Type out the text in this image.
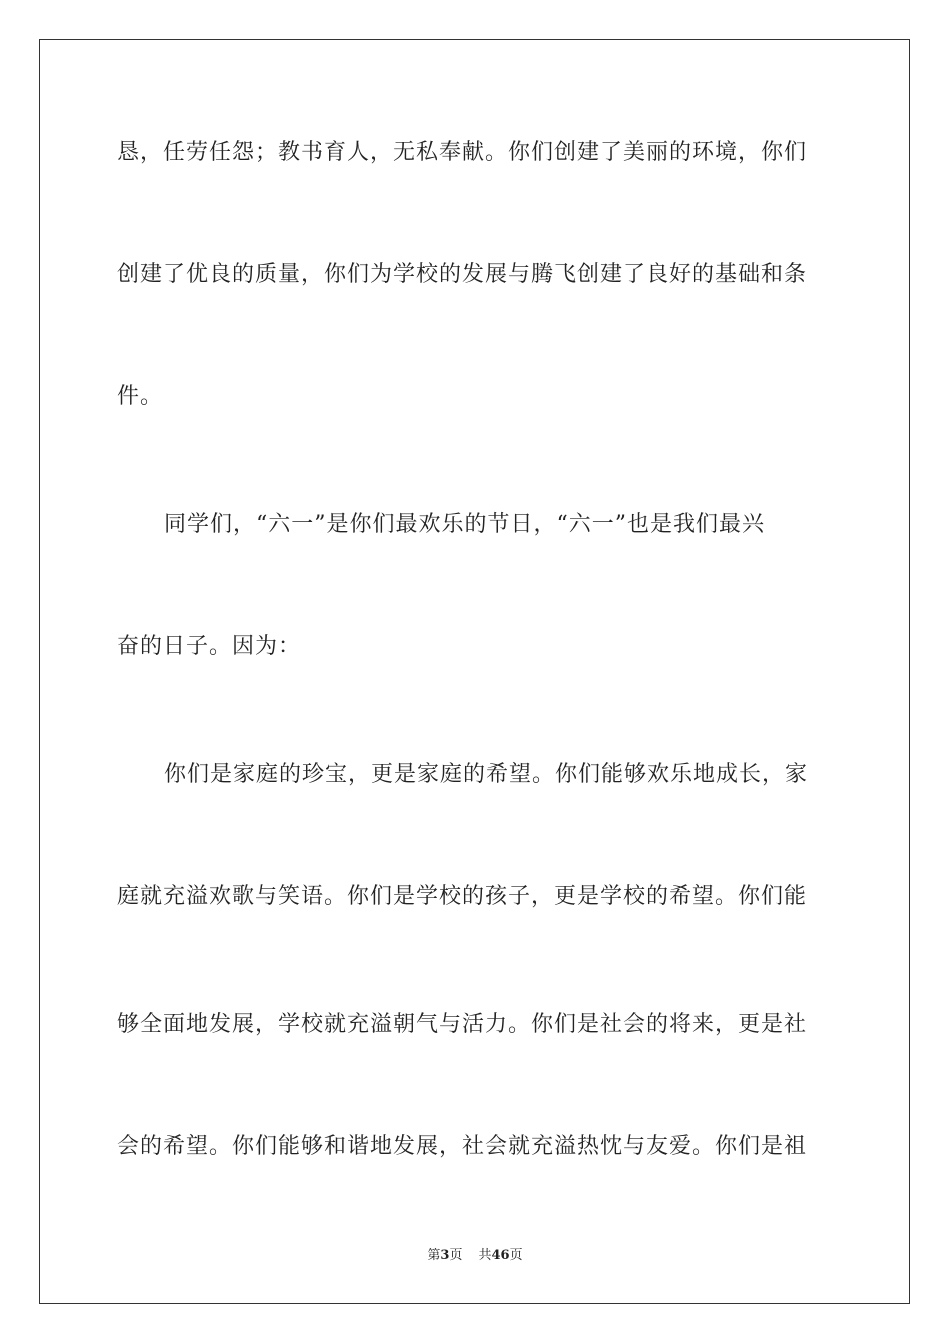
恳，任劳任怨；教书育人，无私奉献。你们创建了美丽的环境，你们
创建了优良的质量，你们为学校的发展与腾飞创建了良好的基础和条
件。
同学们，“六一”是你们最欢乐的节日，“六一”也是我们最兴
奋的日子。因为：
你们是家庭的珍宝，更是家庭的希望。你们能够欢乐地成长，家
庭就充溢欢歌与笑语。你们是学校的孩子，更是学校的希望。你们能
够全面地发展，学校就充溢朝气与活力。你们是社会的将来，更是社
会的希望。你们能够和谐地发展，社会就充溢热忱与友爱。你们是祖
第3页 共46页
